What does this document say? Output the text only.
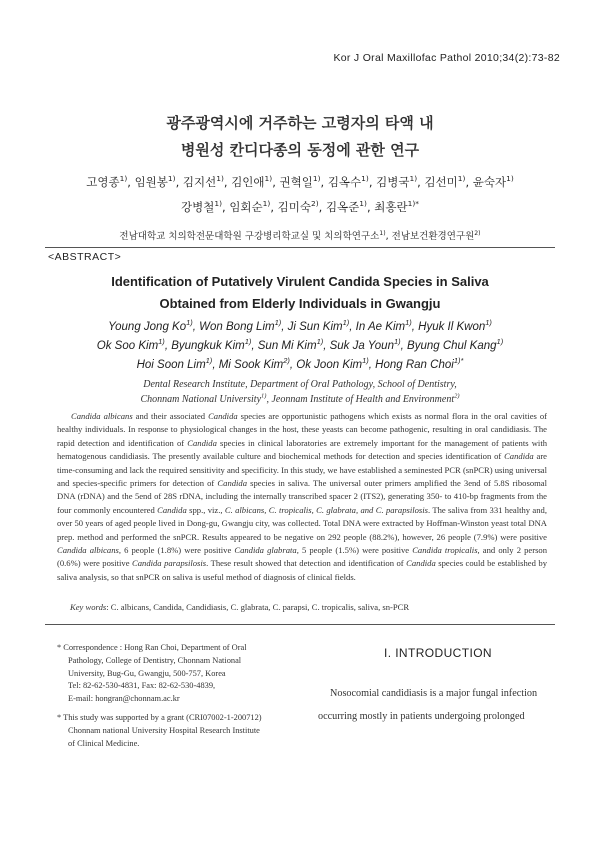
Kor J Oral Maxillofac Pathol 2010;34(2):73-82
광주광역시에 거주하는 고령자의 타액 내
병원성 칸디다종의 동정에 관한 연구
고영종$^{1)}$, 임원봉$^{1)}$, 김지선$^{1)}$, 김인애$^{1)}$, 권혁일$^{1)}$, 김옥수$^{1)}$, 김병국$^{1)}$, 김선미$^{1)}$, 윤숙자$^{1)}$
강병철$^{1)}$, 임회순$^{1)}$, 김미숙$^{2)}$, 김옥준$^{1)}$, 최홍란$^{1)*}$
전남대학교 치의학전문대학원 구강병리학교실 및 치의학연구소$^{1)}$, 전남보건환경연구원$^{2)}$
<ABSTRACT>
Identification of Putatively Virulent Candida Species in Saliva
Obtained from Elderly Individuals in Gwangju
Young Jong Ko$^{1)}$, Won Bong Lim$^{1)}$, Ji Sun Kim$^{1)}$, In Ae Kim$^{1)}$, Hyuk Il Kwon$^{1)}$
Ok Soo Kim$^{1)}$, Byungkuk Kim$^{1)}$, Sun Mi Kim$^{1)}$, Suk Ja Youn$^{1)}$, Byung Chul Kang$^{1)}$
Hoi Soon Lim$^{1)}$, Mi Sook Kim$^{2)}$, Ok Joon Kim$^{1)}$, Hong Ran Choi$^{1)*}$
Dental Research Institute, Department of Oral Pathology, School of Dentistry,
Chonnam National University$^{1)}$, Jeonnam Institute of Health and Environment$^{2)}$

Candida albicans and their associated Candida species are opportunistic pathogens which exists as normal flora in the oral cavities of healthy individuals. In response to physiological changes in the host, these yeasts can become pathogenic, resulting in oral candidiasis. The rapid detection and identification of Candida species in clinical laboratories are extremely important for the management of patients with hematogenous candidiasis. The presently available culture and biochemical methods for detection and species identification of Candida are time-consuming and lack the required sensitivity and specificity. In this study, we have established a seminested PCR (snPCR) using universal and species-specific primers for detection of Candida species in saliva. The universal outer primers amplified the 3end of 5.8S ribosomal DNA (rDNA) and the 5end of 28S rDNA, including the internally transcribed spacer 2 (ITS2), generating 350- to 410-bp fragments from the four commonly encountered Candida spp., viz., C. albicans, C. tropicalis, C. glabrata, and C. parapsilosis. The saliva from 331 healthy and, over 50 years of aged people lived in Dong-gu, Gwangju city, was collected. Total DNA were extracted by Hoffman-Winston yeast total DNA prep. method and performed the snPCR. Results appeared to be negative on 292 people (88.2%), however, 26 people (7.9%) were positive Candida albicans, 6 people (1.8%) were positive Candida glabrata, 5 people (1.5%) were positive Candida tropicalis, and only 2 person (0.6%) were positive Candida parapsilosis. These result showed that detection and identification of Candida species could be established by saliva analysis, so that snPCR on saliva is useful method of diagnosis of clinical fields.

Key words: C. albicans, Candida, Candidiasis, C. glabrata, C. parapsi, C. tropicalis, saliva, sn-PCR

* Correspondence : Hong Ran Choi, Department of Oral
Pathology, College of Dentistry, Chonnam National
University, Bug-Gu, Gwangju, 500-757, Korea
Tel: 82-62-530-4831, Fax: 82-62-530-4839,
E-mail: hongran@chonnam.ac.kr
* This study was supported by a grant (CRI07002-1-200712)
Chonnam national University Hospital Research Institute
of Clinical Medicine.
I. INTRODUCTION

Nosocomial candidiasis is a major fungal infection
occurring mostly in patients undergoing prolonged
